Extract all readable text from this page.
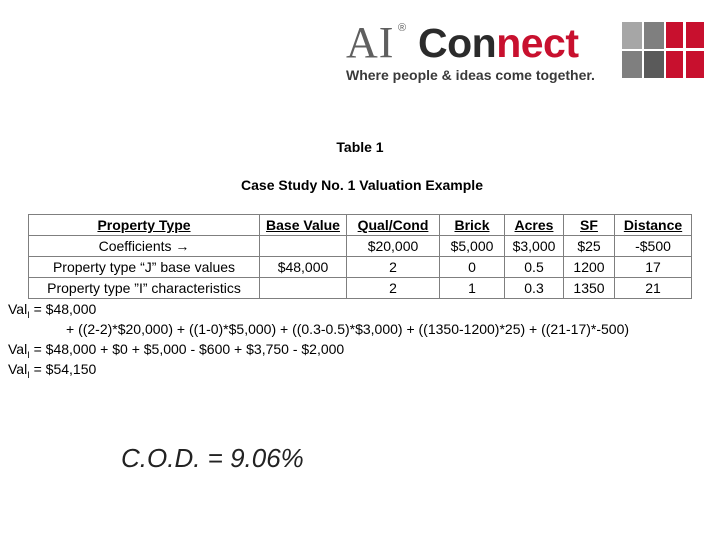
AI ® Connect
Where people & ideas come together.
Table 1
Case Study No. 1 Valuation Example
Property Type	Base Value	Qual/Cond	Brick	Acres	SF	Distance
Coefficients →		$20,000	$5,000	$3,000	$25	-$500
Property type “J” base values	$48,000	2	0	0.5	1200	17
Property type ”I” characteristics		2	1	0.3	1350	21
Val$_I$ = $48,000
+ ((2-2)*$20,000) + ((1-0)*$5,000) + ((0.3-0.5)*$3,000) + ((1350-1200)*25) + ((21-17)*-500)
Val$_I$ = $48,000 + $0 + $5,000 - $600 + $3,750 - $2,000
Val$_I$ = $54,150
C.O.D. = 9.06%
